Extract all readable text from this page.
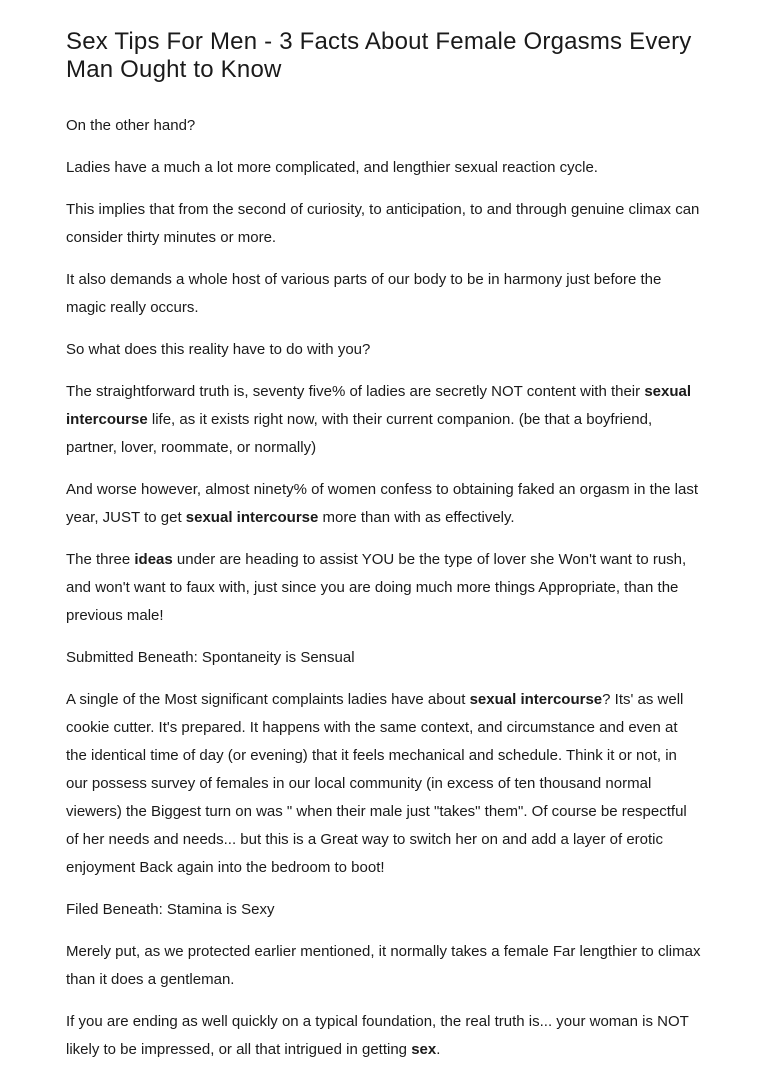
Sex Tips For Men - 3 Facts About Female Orgasms Every Man Ought to Know

On the other hand?

Ladies have a much a lot more complicated, and lengthier sexual reaction cycle.

This implies that from the second of curiosity, to anticipation, to and through genuine climax can consider thirty minutes or more.

It also demands a whole host of various parts of our body to be in harmony just before the magic really occurs.

So what does this reality have to do with you?

The straightforward truth is, seventy five% of ladies are secretly NOT content with their sexual intercourse life, as it exists right now, with their current companion. (be that a boyfriend, partner, lover, roommate, or normally)

And worse however, almost ninety% of women confess to obtaining faked an orgasm in the last year, JUST to get sexual intercourse more than with as effectively.

The three ideas under are heading to assist YOU be the type of lover she Won't want to rush, and won't want to faux with, just since you are doing much more things Appropriate, than the previous male!

Submitted Beneath: Spontaneity is Sensual

A single of the Most significant complaints ladies have about sexual intercourse? Its' as well cookie cutter. It's prepared. It happens with the same context, and circumstance and even at the identical time of day (or evening) that it feels mechanical and schedule. Think it or not, in our possess survey of females in our local community (in excess of ten thousand normal viewers) the Biggest turn on was " when their male just "takes" them". Of course be respectful of her needs and needs... but this is a Great way to switch her on and add a layer of erotic enjoyment Back again into the bedroom to boot!

Filed Beneath: Stamina is Sexy

Merely put, as we protected earlier mentioned, it normally takes a female Far lengthier to climax than it does a gentleman.

If you are ending as well quickly on a typical foundation, the real truth is... your woman is NOT likely to be impressed, or all that intrigued in getting sex.
